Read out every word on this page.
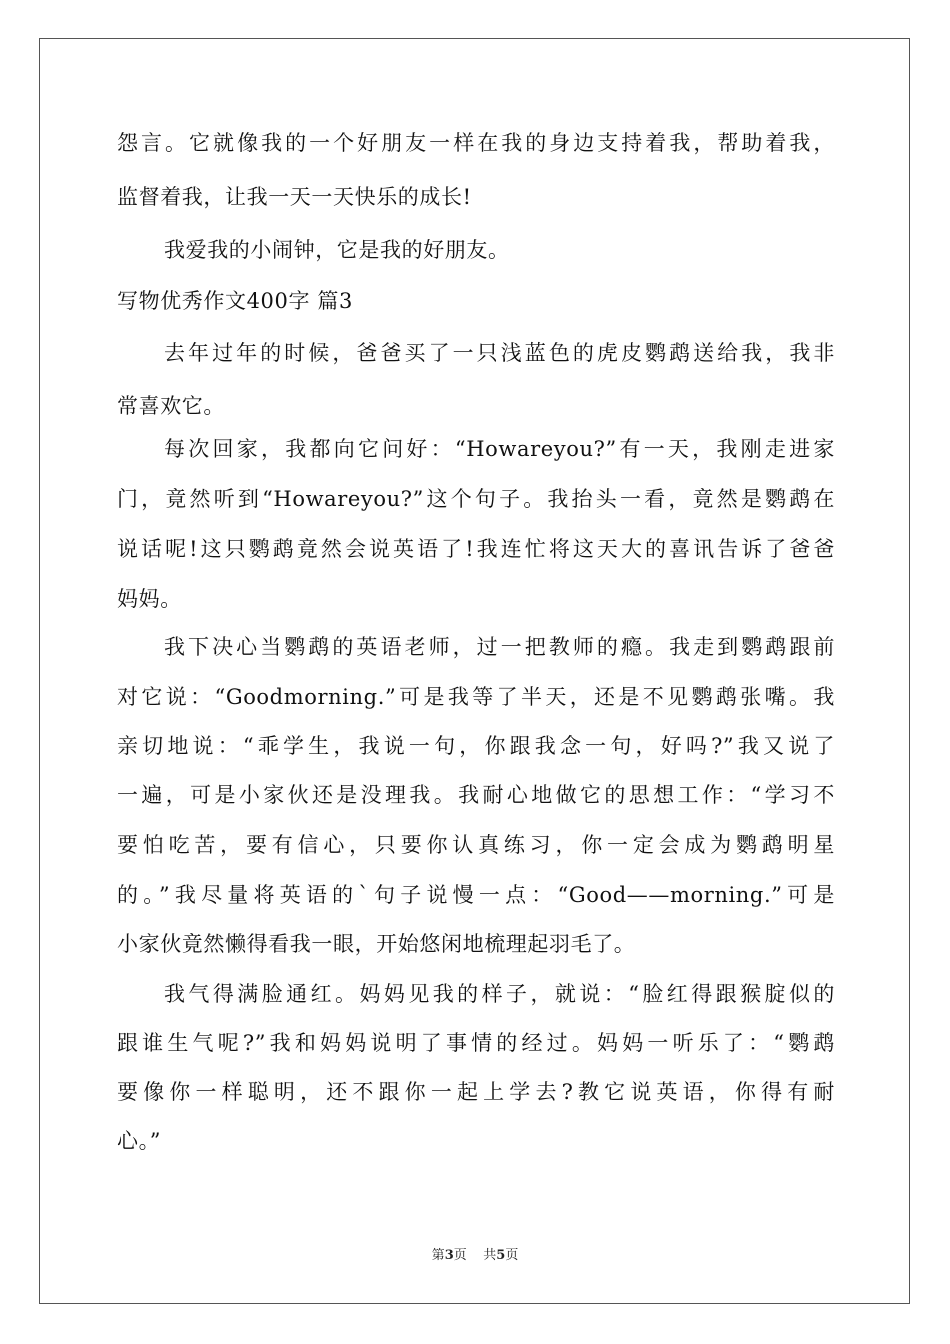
怨言。它就像我的一个好朋友一样在我的身边支持着我，帮助着我，
监督着我，让我一天一天快乐的成长!
我爱我的小闹钟，它是我的好朋友。
写物优秀作文400字 篇3
去年过年的时候，爸爸买了一只浅蓝色的虎皮鹦鹉送给我，我非
常喜欢它。
每次回家，我都向它问好：“Howareyou?”有一天，我刚走进家
门，竟然听到“Howareyou?”这个句子。我抬头一看，竟然是鹦鹉在
说话呢!这只鹦鹉竟然会说英语了!我连忙将这天大的喜讯告诉了爸爸
妈妈。
我下决心当鹦鹉的英语老师，过一把教师的瘾。我走到鹦鹉跟前
对它说：“Goodmorning.”可是我等了半天，还是不见鹦鹉张嘴。我
亲切地说：“乖学生，我说一句，你跟我念一句，好吗?”我又说了
一遍，可是小家伙还是没理我。我耐心地做它的思想工作：“学习不
要怕吃苦，要有信心，只要你认真练习，你一定会成为鹦鹉明星
的。”我尽量将英语的`句子说慢一点：“Good——morning.”可是
小家伙竟然懒得看我一眼，开始悠闲地梳理起羽毛了。
我气得满脸通红。妈妈见我的样子，就说：“脸红得跟猴腚似的
跟谁生气呢?”我和妈妈说明了事情的经过。妈妈一听乐了：“鹦鹉
要像你一样聪明，还不跟你一起上学去?教它说英语，你得有耐
心。”
第3页    共5页
